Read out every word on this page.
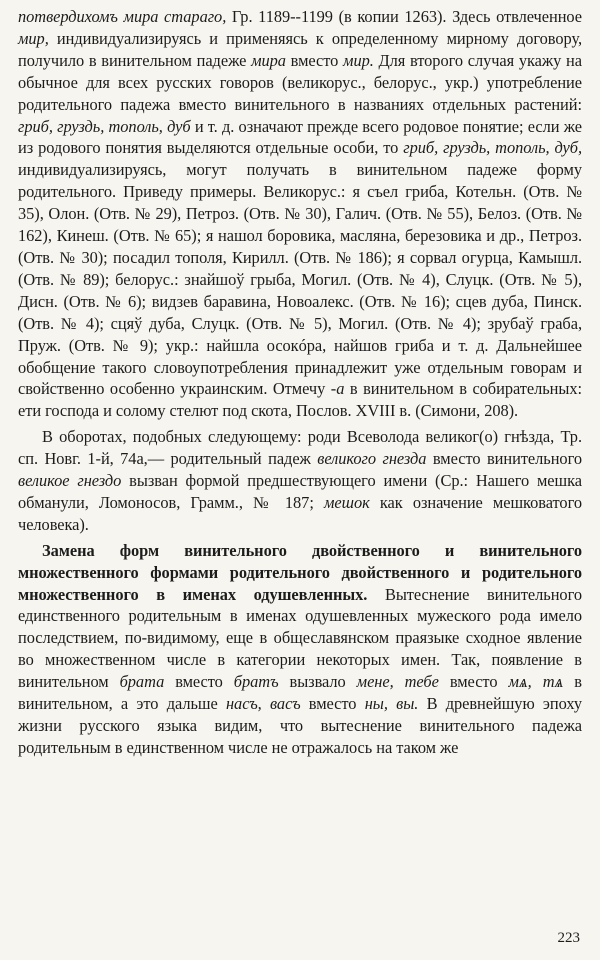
потвердихомъ мира стараго, Гр. 1189--1199 (в копии 1263). Здесь отвлеченное мир, индивидуализируясь и применяясь к определенному мирному договору, получило в винительном падеже мира вместо мир. Для второго случая укажу на обычное для всех русских говоров (великорус., белорус., укр.) употребление родительного падежа вместо винительного в названиях отдельных растений: гриб, груздь, тополь, дуб и т. д. означают прежде всего родовое понятие; если же из родового понятия выделяются отдельные особи, то гриб, груздь, тополь, дуб, индивидуализируясь, могут получать в винительном падеже форму родительного. Приведу примеры. Великорус.: я съел гриба, Котельн. (Отв. № 35), Олон. (Отв. № 29), Петроз. (Отв. № 30), Галич. (Отв. № 55), Белоз. (Отв. № 162), Кинеш. (Отв. № 65); я нашол боровика, масляна, березовика и др., Петроз. (Отв. № 30); посадил тополя, Кирилл. (Отв. № 186); я сорвал огурца, Камышл. (Отв. № 89); белорус.: знайшоў грыба, Могил. (Отв. № 4), Слуцк. (Отв. № 5), Дисн. (Отв. № 6); видзев баравина, Новоалекс. (Отв. № 16); сцев дуба, Пинск. (Отв. № 4); сцяў дуба, Слуцк. (Отв. № 5), Могил. (Отв. № 4); зрубаў граба, Пруж. (Отв. № 9); укр.: найшла осокóра, найшов гриба и т. д. Дальнейшее обобщение такого словоупотребления принадлежит уже отдельным говорам и свойственно особенно украинским. Отмечу -а в винительном в собирательных: ети господа и солому стелют под скота, Послов. XVIII в. (Симони, 208).

В оборотах, подобных следующему: роди Всеволода великог(о) гнѣзда, Тр. сп. Новг. 1-й, 74а,— родительный падеж великого гнезда вместо винительного великое гнездо вызван формой предшествующего имени (Ср.: Нашего мешка обманули, Ломоносов, Грамм., № 187; мешок как означение мешковатого человека).

Замена форм винительного двойственного и винительного множественного формами родительного двойственного и родительного множественного в именах одушевленных. Вытеснение винительного единственного родительным в именах одушевленных мужеского рода имело последствием, по-видимому, еще в общеславянском праязыке сходное явление во множественном числе в категории некоторых имен. Так, появление в винительном брата вместо братъ вызвало мене, тебе вместо мѧ, тѧ в винительном, а это дальше насъ, васъ вместо ны, вы. В древнейшую эпоху жизни русского языка видим, что вытеснение винительного падежа родительным в единственном числе не отражалось на таком же

223
